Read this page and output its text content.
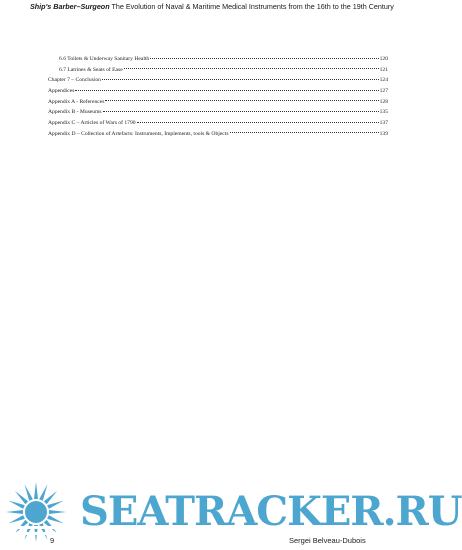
Ship's Barber–Surgeon The Evolution of Naval & Maritime Medical Instruments from the 16th to the 19th Century
6.6 Toilets & Underway Sanitary Health	120
6.7 Latrines & Seats of Ease	121
Chapter 7 – Conclusion	124
Appendices	127
Appendix A - References	128
Appendix B - Museums	135
Appendix C – Articles of Wars of 1790	137
Appendix D – Collection of Artefacts: Instruments, Implements, tools & Objects	139
SEATRACKER.RU
9	Sergei Belveau-Dubois
